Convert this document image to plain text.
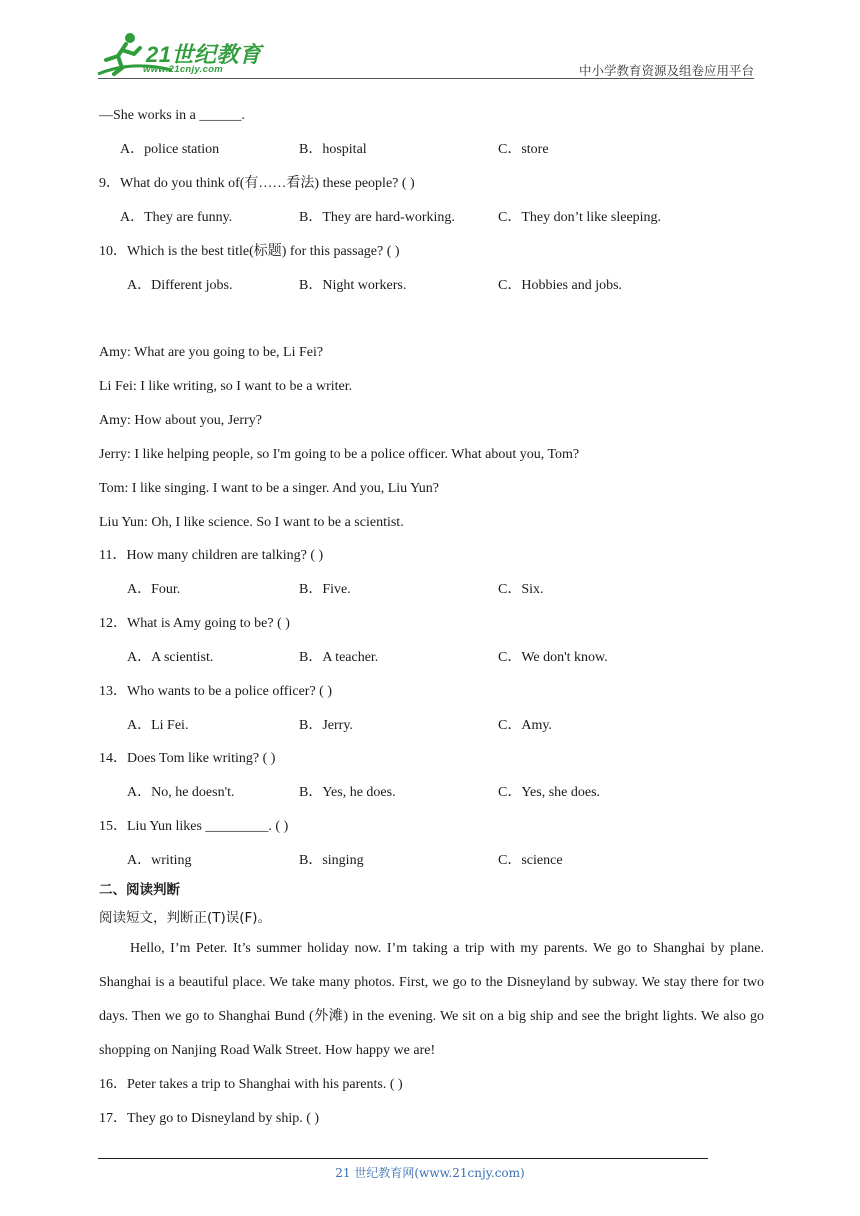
21世纪教育
www.21cnjy.com	中小学教育资源及组卷应用平台
—She works in a ______.
A．police station	B．hospital	C．store
9．What do you think of(有……看法) these people? ( )
A．They are funny.	B．They are hard-working.	C．They don’t like sleeping.
10．Which is the best title(标题) for this passage? ( )
A．Different jobs.	B．Night workers.	C．Hobbies and jobs.
Amy: What are you going to be, Li Fei?
Li Fei: I like writing, so I want to be a writer.
Amy: How about you, Jerry?
Jerry: I like helping people, so I'm going to be a police officer. What about you, Tom?
Tom: I like singing. I want to be a singer. And you, Liu Yun?
Liu Yun: Oh, I like science. So I want to be a scientist.
11．How many children are talking? ( )
A．Four.	B．Five.	C．Six.
12．What is Amy going to be? ( )
A．A scientist.	B．A teacher.	C．We don't know.
13．Who wants to be a police officer? ( )
A．Li Fei.	B．Jerry.	C．Amy.
14．Does Tom like writing? ( )
A．No, he doesn't.	B．Yes, he does.	C．Yes, she does.
15．Liu Yun likes _________. ( )
A．writing	B．singing	C．science
二、阅读判断
阅读短文，判断正(T)误(F)。
Hello, I’m Peter. It’s summer holiday now. I’m taking a trip with my parents. We go to Shanghai by plane. Shanghai is a beautiful place. We take many photos. First, we go to the Disneyland by subway. We stay there for two days. Then we go to Shanghai Bund (外滩) in the evening. We sit on a big ship and see the bright lights. We also go shopping on Nanjing Road Walk Street. How happy we are!
16．Peter takes a trip to Shanghai with his parents. ( )
17．They go to Disneyland by ship. ( )
21 世纪教育网(www.21cnjy.com)
